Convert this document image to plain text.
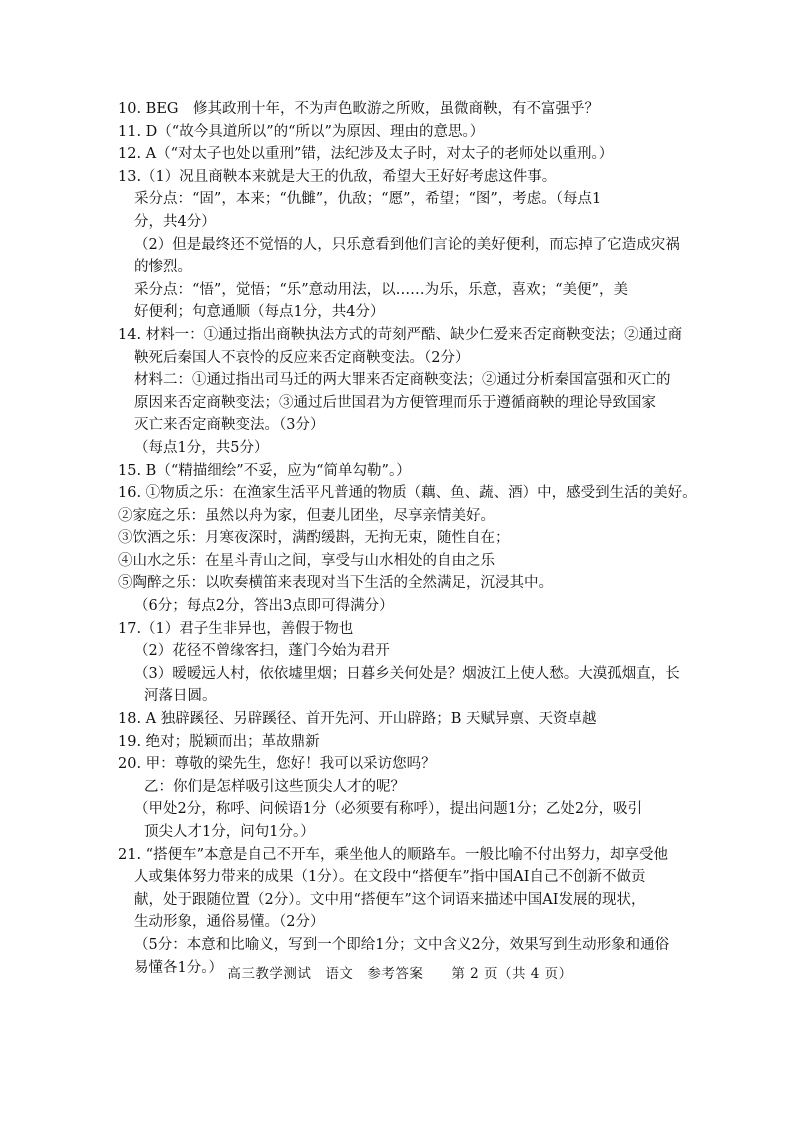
10. BEG　修其政刑十年，不为声色畋游之所败，虽微商鞅，有不富强乎？
11. D（“故今具道所以”的“所以”为原因、理由的意思。）
12. A（“对太子也处以重刑”错，法纪涉及太子时，对太子的老师处以重刑。）
13.（1）况且商鞅本来就是大王的仇敌，希望大王好好考虑这件事。
采分点：“固”，本来；“仇雠”，仇敌；“愿”，希望；“图”，考虑。（每点1
分，共4分）
（2）但是最终还不觉悟的人，只乐意看到他们言论的美好便利，而忘掉了它造成灾祸
的惨烈。
采分点：“悟”，觉悟；“乐”意动用法，以……为乐，乐意，喜欢；“美便”，美
好便利；句意通顺（每点1分，共4分）
14. 材料一：①通过指出商鞅执法方式的苛刻严酷、缺少仁爱来否定商鞅变法；②通过商
鞅死后秦国人不哀怜的反应来否定商鞅变法。（2分）
材料二：①通过指出司马迁的两大罪来否定商鞅变法；②通过分析秦国富强和灭亡的
原因来否定商鞅变法；③通过后世国君为方便管理而乐于遵循商鞅的理论导致国家
灭亡来否定商鞅变法。（3分）
（每点1分，共5分）
15. B（“精描细绘”不妥，应为“简单勾勒”。）
16. ①物质之乐：在渔家生活平凡普通的物质（藕、鱼、蔬、酒）中，感受到生活的美好。
②家庭之乐：虽然以舟为家，但妻儿团坐，尽享亲情美好。
③饮酒之乐：月寒夜深时，满酌缓斟，无拘无束，随性自在；
④山水之乐：在星斗青山之间，享受与山水相处的自由之乐
⑤陶醉之乐：以吹奏横笛来表现对当下生活的全然满足，沉浸其中。
（6分；每点2分，答出3点即可得满分）
17.（1）君子生非异也，善假于物也
（2）花径不曾缘客扫，蓬门今始为君开
（3）暧暧远人村，依依墟里烟；日暮乡关何处是？烟波江上使人愁。大漠孤烟直，长
河落日圆。
18. A 独辟蹊径、另辟蹊径、首开先河、开山辟路；B 天赋异禀、天资卓越
19. 绝对；脱颖而出；革故鼎新
20. 甲：尊敬的梁先生，您好！我可以采访您吗？
乙：你们是怎样吸引这些顶尖人才的呢？
（甲处2分，称呼、问候语1分（必须要有称呼），提出问题1分；乙处2分，吸引
顶尖人才1分，问句1分。）
21. “搭便车”本意是自己不开车，乘坐他人的顺路车。一般比喻不付出努力，却享受他
人或集体努力带来的成果（1分）。在文段中“搭便车”指中国AI自己不创新不做贡
献，处于跟随位置（2分）。文中用“搭便车”这个词语来描述中国AI发展的现状，
生动形象，通俗易懂。（2分）
（5分：本意和比喻义，写到一个即给1分；文中含义2分，效果写到生动形象和通俗
易懂各1分。） 高三教学测试　语文　参考答案　　第 2 页（共 4 页）
